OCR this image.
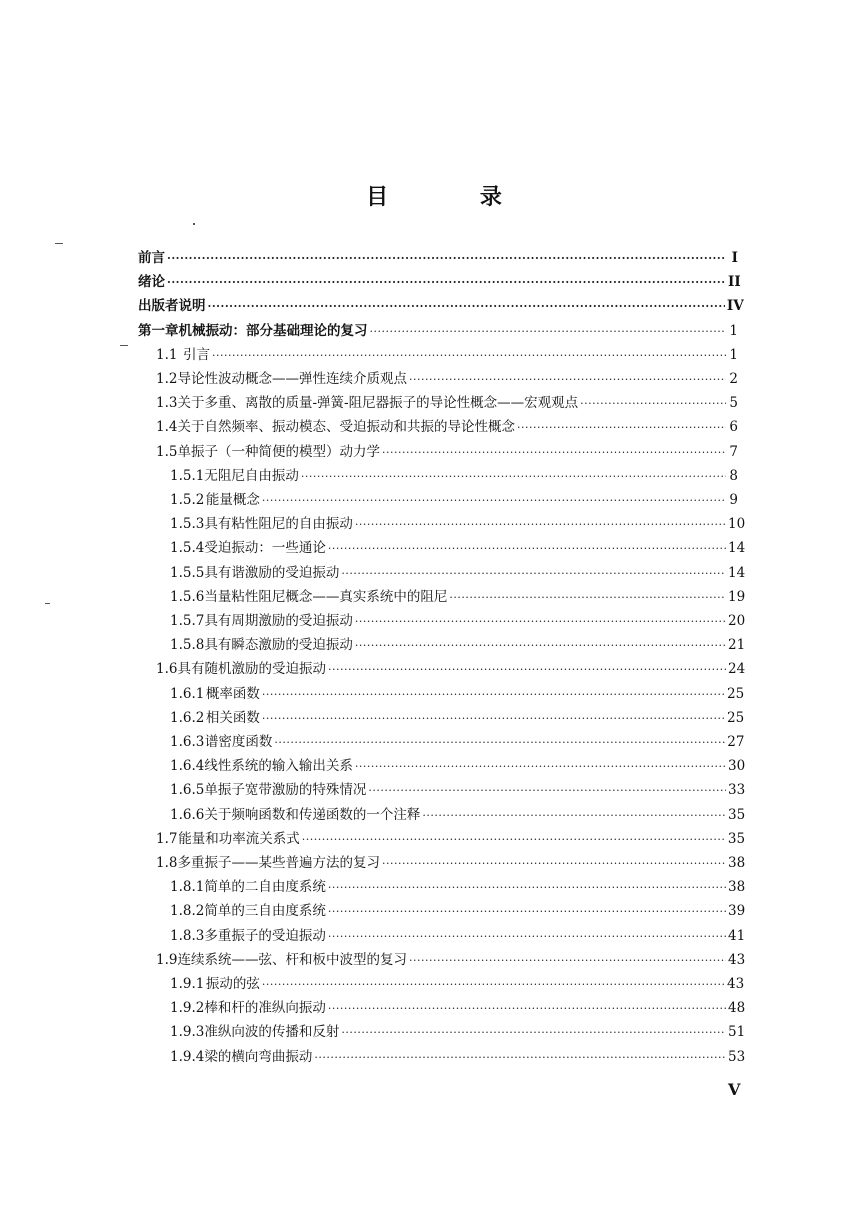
目 录
前言 ·····	I
绪论 ·····	II
出版者说明 ·····	IV
第一章 机械振动：部分基础理论的复习 ·····	1
1.1 引言 ·····	1
1.2 导论性波动概念——弹性连续介质观点 ·····	2
1.3 关于多重、离散的质量-弹簧-阻尼器振子的导论性概念——宏观观点 ·····	5
1.4 关于自然频率、振动模态、受迫振动和共振的导论性概念 ·····	6
1.5 单振子（一种简便的模型）动力学 ·····	7
1.5.1 无阻尼自由振动 ·····	8
1.5.2 能量概念 ·····	9
1.5.3 具有粘性阻尼的自由振动 ·····	10
1.5.4 受迫振动：一些通论 ·····	14
1.5.5 具有谐激励的受迫振动 ·····	14
1.5.6 当量粘性阻尼概念——真实系统中的阻尼 ·····	19
1.5.7 具有周期激励的受迫振动 ·····	20
1.5.8 具有瞬态激励的受迫振动 ·····	21
1.6 具有随机激励的受迫振动 ·····	24
1.6.1 概率函数 ·····	25
1.6.2 相关函数 ·····	25
1.6.3 谱密度函数 ·····	27
1.6.4 线性系统的输入输出关系 ·····	30
1.6.5 单振子宽带激励的特殊情况 ·····	33
1.6.6 关于频响函数和传递函数的一个注释 ·····	35
1.7 能量和功率流关系式 ·····	35
1.8 多重振子——某些普遍方法的复习 ·····	38
1.8.1 简单的二自由度系统 ·····	38
1.8.2 简单的三自由度系统 ·····	39
1.8.3 多重振子的受迫振动 ·····	41
1.9 连续系统——弦、杆和板中波型的复习 ·····	43
1.9.1 振动的弦 ·····	43
1.9.2 棒和杆的准纵向振动 ·····	48
1.9.3 准纵向波的传播和反射 ·····	51
1.9.4 梁的横向弯曲振动 ·····	53
V
